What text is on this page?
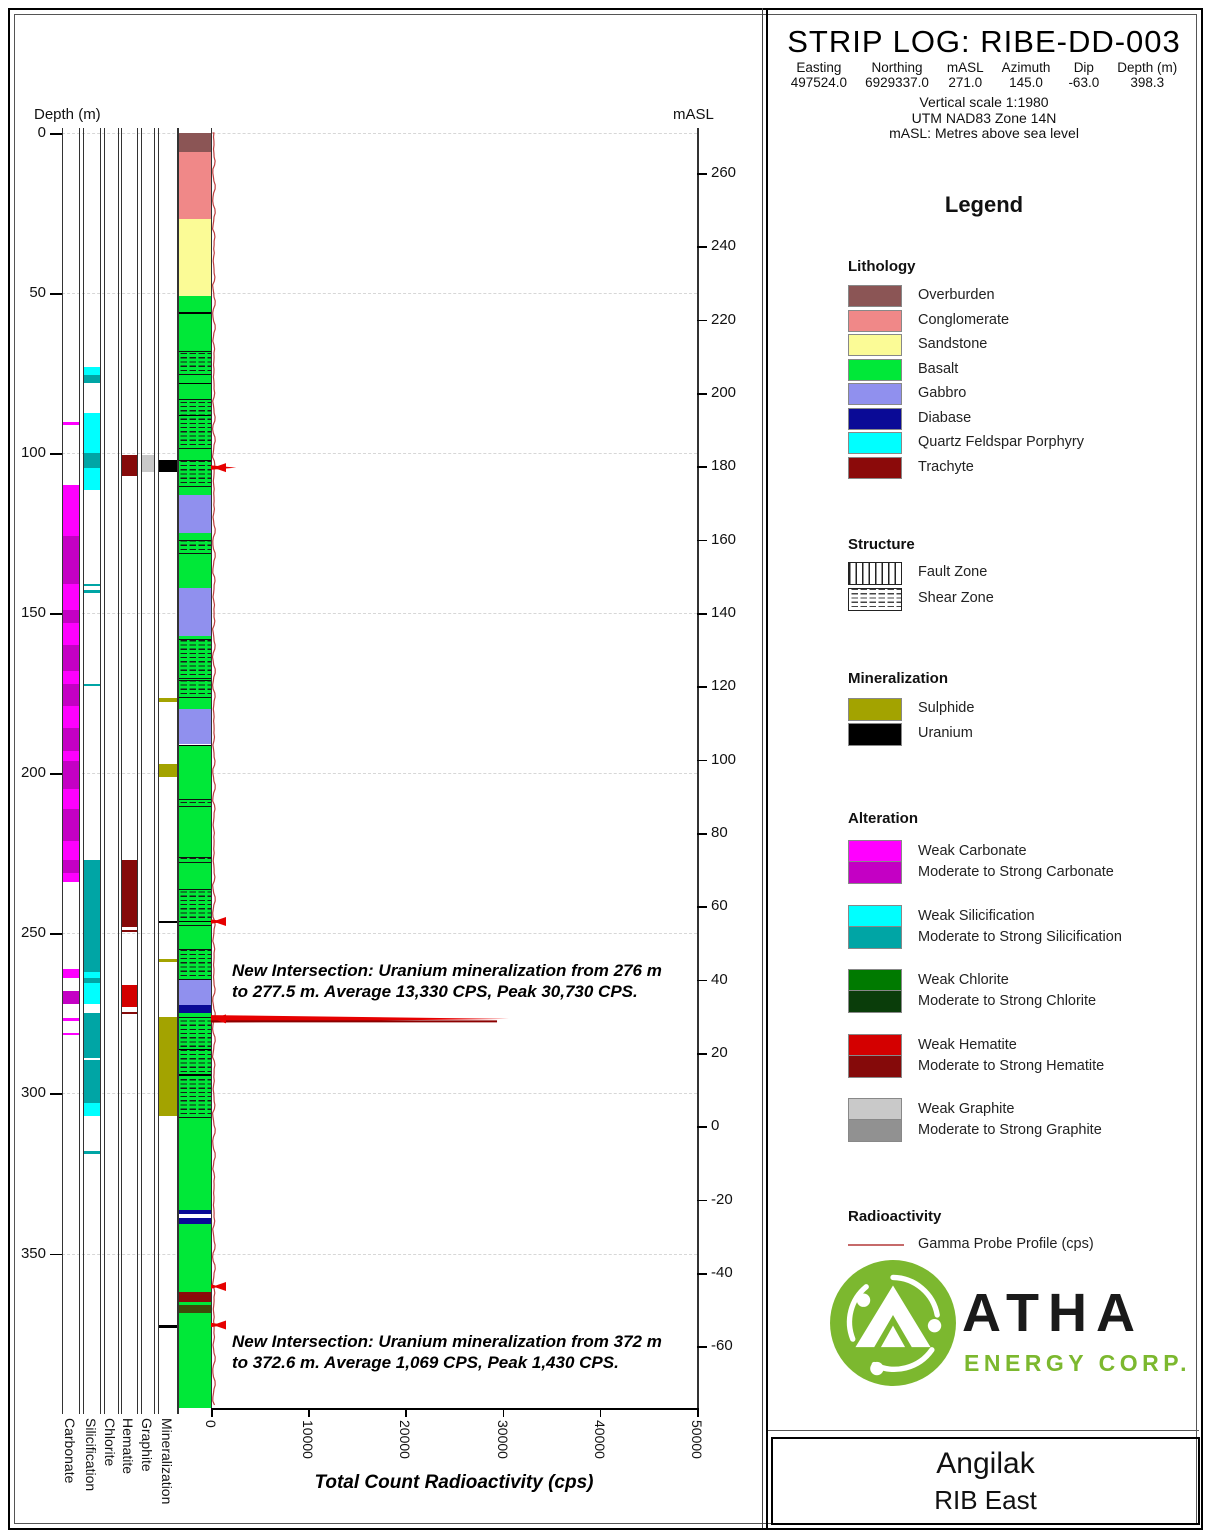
Depth (m)	mASL
Carbonate Silicification Chlorite Hematite Graphite Mineralization
0
50
100
150
200
250
300
350
260
240
220
200
180
160
140
120
100
80
60
40
20
0
-20
-40
-60
0	10000	20000	30000	40000	50000
New Intersection: Uranium mineralization from 276 m
to 277.5 m. Average 13,330 CPS, Peak 30,730 CPS.
New Intersection: Uranium mineralization from 372 m
to 372.6 m. Average 1,069 CPS, Peak 1,430 CPS.
Total Count Radioactivity (cps)
STRIP LOG: RIBE-DD-003
Easting
497524.0
Northing
6929337.0
mASL
271.0
Azimuth
145.0
Dip
-63.0
Depth (m)
398.3
Vertical scale 1:1980
UTM NAD83 Zone 14N
mASL: Metres above sea level
Legend
Lithology
Overburden
Conglomerate
Sandstone
Basalt
Gabbro
Diabase
Quartz Feldspar Porphyry
Trachyte
Structure
Fault Zone
Shear Zone
Mineralization
Sulphide
Uranium
Alteration
Weak Carbonate
Moderate to Strong Carbonate
Weak Silicification
Moderate to Strong Silicification
Weak Chlorite
Moderate to Strong Chlorite
Weak Hematite
Moderate to Strong Hematite
Weak Graphite
Moderate to Strong Graphite
Radioactivity
Gamma Probe Profile (cps)
ATHA
ENERGY CORP.
Angilak
RIB East
